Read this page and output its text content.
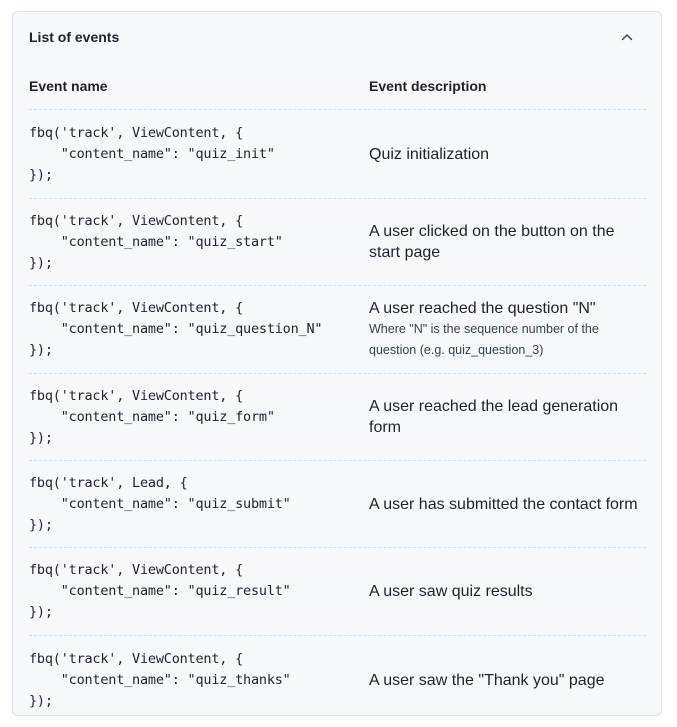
List of events
Event name	Event description
fbq('track', ViewContent, {
"content_name": "quiz_init"
});
Quiz initialization
fbq('track', ViewContent, {
"content_name": "quiz_start"
});
A user clicked on the button on the start page
fbq('track', ViewContent, {
"content_name": "quiz_question_N"
});
A user reached the question "N"
Where "N" is the sequence number of the question (e.g. quiz_question_3)
fbq('track', ViewContent, {
"content_name": "quiz_form"
});
A user reached the lead generation form
fbq('track', Lead, {
"content_name": "quiz_submit"
});
A user has submitted the contact form
fbq('track', ViewContent, {
"content_name": "quiz_result"
});
A user saw quiz results
fbq('track', ViewContent, {
"content_name": "quiz_thanks"
});
A user saw the "Thank you" page
